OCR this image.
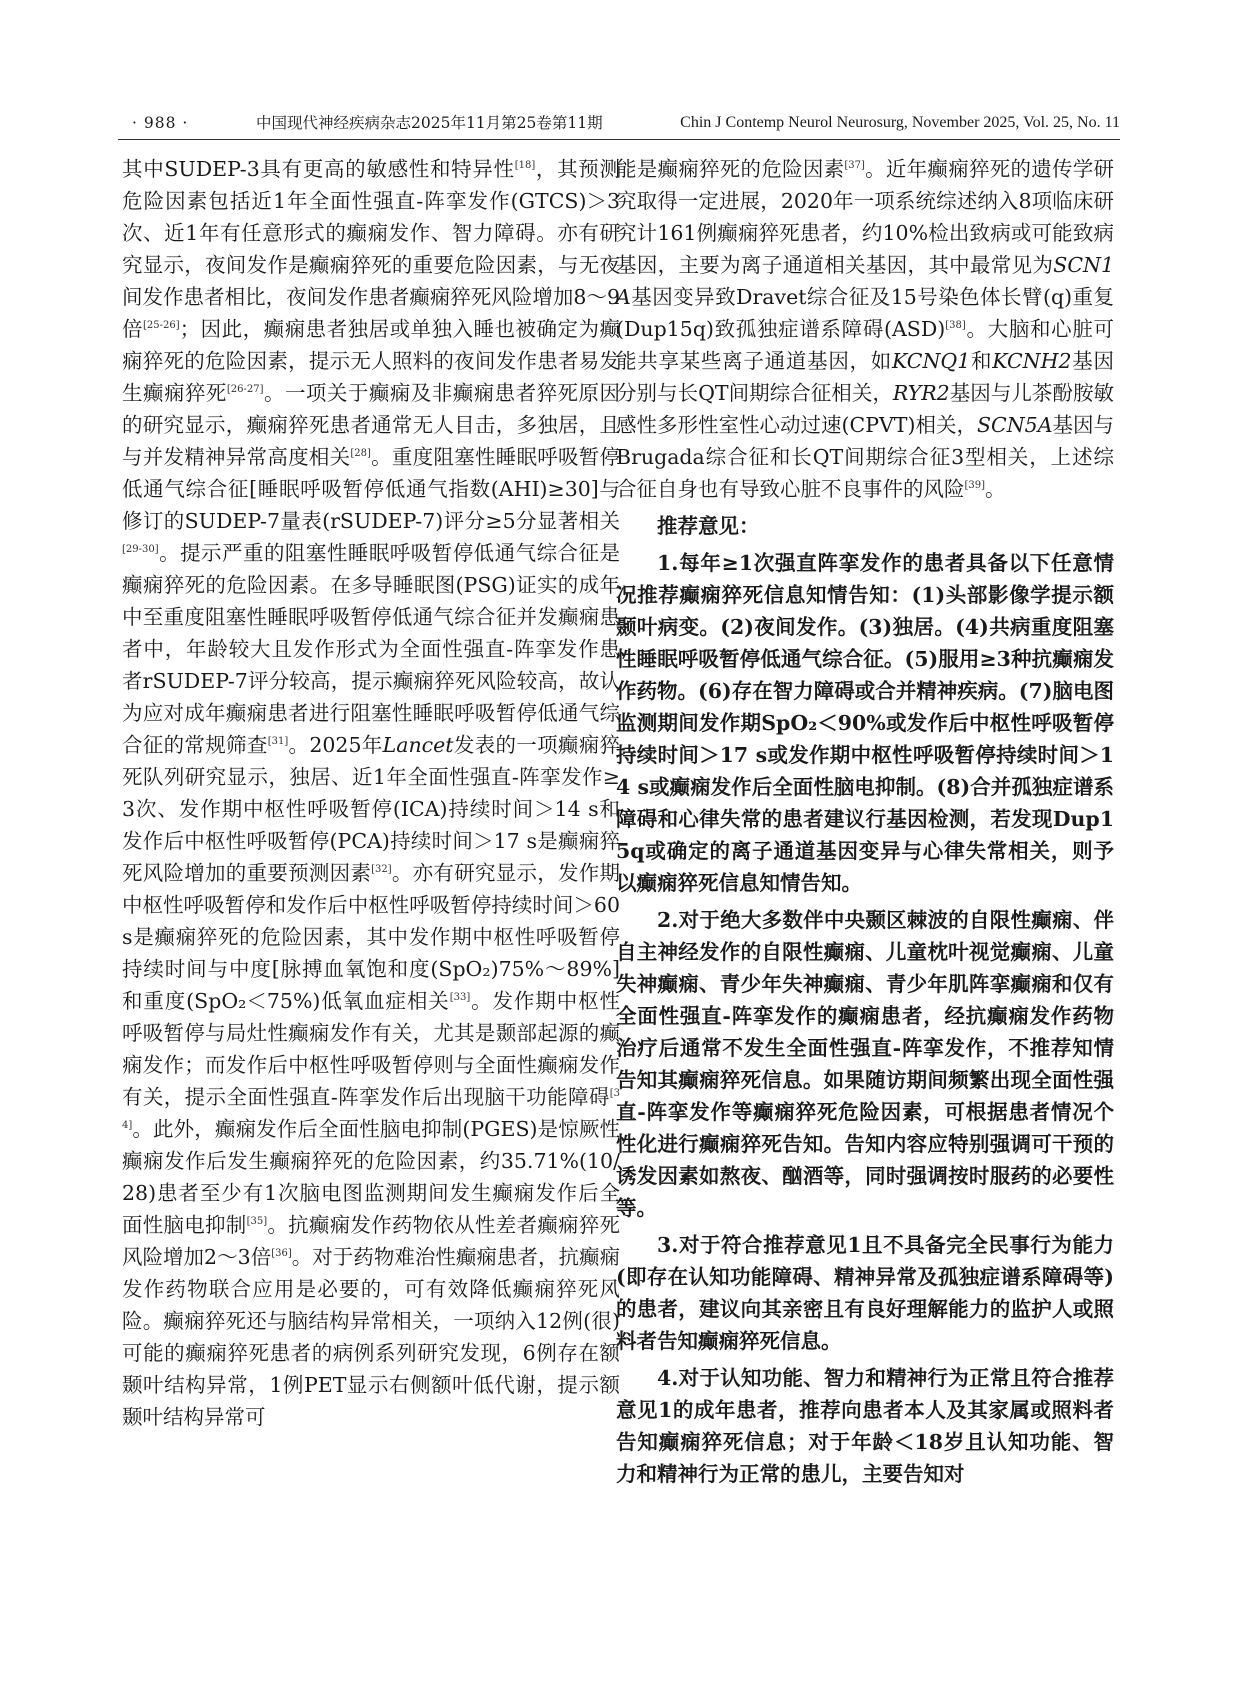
· 988 ·	中国现代神经疾病杂志2025年11月第25卷第11期	Chin J Contemp Neurol Neurosurg, November 2025, Vol. 25, No. 11

其中SUDEP-3具有更高的敏感性和特异性[18]，其预测危险因素包括近1年全面性强直-阵挛发作(GTCS)＞3次、近1年有任意形式的癫痫发作、智力障碍。亦有研究显示，夜间发作是癫痫猝死的重要危险因素，与无夜间发作患者相比，夜间发作患者癫痫猝死风险增加8～9倍[25-26]；因此，癫痫患者独居或单独入睡也被确定为癫痫猝死的危险因素，提示无人照料的夜间发作患者易发生癫痫猝死[26-27]。一项关于癫痫及非癫痫患者猝死原因的研究显示，癫痫猝死患者通常无人目击，多独居，且与并发精神异常高度相关[28]。重度阻塞性睡眠呼吸暂停低通气综合征[睡眠呼吸暂停低通气指数(AHI)≥30]与修订的SUDEP-7量表(rSUDEP-7)评分≥5分显著相关[29-30]。提示严重的阻塞性睡眠呼吸暂停低通气综合征是癫痫猝死的危险因素。在多导睡眠图(PSG)证实的成年中至重度阻塞性睡眠呼吸暂停低通气综合征并发癫痫患者中，年龄较大且发作形式为全面性强直-阵挛发作患者rSUDEP-7评分较高，提示癫痫猝死风险较高，故认为应对成年癫痫患者进行阻塞性睡眠呼吸暂停低通气综合征的常规筛查[31]。2025年Lancet发表的一项癫痫猝死队列研究显示，独居、近1年全面性强直-阵挛发作≥3次、发作期中枢性呼吸暂停(ICA)持续时间＞14 s和发作后中枢性呼吸暂停(PCA)持续时间＞17 s是癫痫猝死风险增加的重要预测因素[32]。亦有研究显示，发作期中枢性呼吸暂停和发作后中枢性呼吸暂停持续时间＞60 s是癫痫猝死的危险因素，其中发作期中枢性呼吸暂停持续时间与中度[脉搏血氧饱和度(SpO₂)75%～89%]和重度(SpO₂＜75%)低氧血症相关[33]。发作期中枢性呼吸暂停与局灶性癫痫发作有关，尤其是颞部起源的癫痫发作；而发作后中枢性呼吸暂停则与全面性癫痫发作有关，提示全面性强直-阵挛发作后出现脑干功能障碍[34]。此外，癫痫发作后全面性脑电抑制(PGES)是惊厥性癫痫发作后发生癫痫猝死的危险因素，约35.71%(10/28)患者至少有1次脑电图监测期间发生癫痫发作后全面性脑电抑制[35]。抗癫痫发作药物依从性差者癫痫猝死风险增加2～3倍[36]。对于药物难治性癫痫患者，抗癫痫发作药物联合应用是必要的，可有效降低癫痫猝死风险。癫痫猝死还与脑结构异常相关，一项纳入12例(很)可能的癫痫猝死患者的病例系列研究发现，6例存在额颞叶结构异常，1例PET显示右侧额叶低代谢，提示额颞叶结构异常可

能是癫痫猝死的危险因素[37]。近年癫痫猝死的遗传学研究取得一定进展，2020年一项系统综述纳入8项临床研究计161例癫痫猝死患者，约10%检出致病或可能致病基因，主要为离子通道相关基因，其中最常见为SCN1A基因变异致Dravet综合征及15号染色体长臂(q)重复(Dup15q)致孤独症谱系障碍(ASD)[38]。大脑和心脏可能共享某些离子通道基因，如KCNQ1和KCNH2基因分别与长QT间期综合征相关，RYR2基因与儿茶酚胺敏感性多形性室性心动过速(CPVT)相关，SCN5A基因与Brugada综合征和长QT间期综合征3型相关，上述综合征自身也有导致心脏不良事件的风险[39]。

推荐意见：

1.每年≥1次强直阵挛发作的患者具备以下任意情况推荐癫痫猝死信息知情告知：(1)头部影像学提示额颞叶病变。(2)夜间发作。(3)独居。(4)共病重度阻塞性睡眠呼吸暂停低通气综合征。(5)服用≥3种抗癫痫发作药物。(6)存在智力障碍或合并精神疾病。(7)脑电图监测期间发作期SpO₂＜90%或发作后中枢性呼吸暂停持续时间＞17 s或发作期中枢性呼吸暂停持续时间＞14 s或癫痫发作后全面性脑电抑制。(8)合并孤独症谱系障碍和心律失常的患者建议行基因检测，若发现Dup15q或确定的离子通道基因变异与心律失常相关，则予以癫痫猝死信息知情告知。

2.对于绝大多数伴中央颞区棘波的自限性癫痫、伴自主神经发作的自限性癫痫、儿童枕叶视觉癫痫、儿童失神癫痫、青少年失神癫痫、青少年肌阵挛癫痫和仅有全面性强直-阵挛发作的癫痫患者，经抗癫痫发作药物治疗后通常不发生全面性强直-阵挛发作，不推荐知情告知其癫痫猝死信息。如果随访期间频繁出现全面性强直-阵挛发作等癫痫猝死危险因素，可根据患者情况个性化进行癫痫猝死告知。告知内容应特别强调可干预的诱发因素如熬夜、酗酒等，同时强调按时服药的必要性等。

3.对于符合推荐意见1且不具备完全民事行为能力(即存在认知功能障碍、精神异常及孤独症谱系障碍等)的患者，建议向其亲密且有良好理解能力的监护人或照料者告知癫痫猝死信息。

4.对于认知功能、智力和精神行为正常且符合推荐意见1的成年患者，推荐向患者本人及其家属或照料者告知癫痫猝死信息；对于年龄＜18岁且认知功能、智力和精神行为正常的患儿，主要告知对
